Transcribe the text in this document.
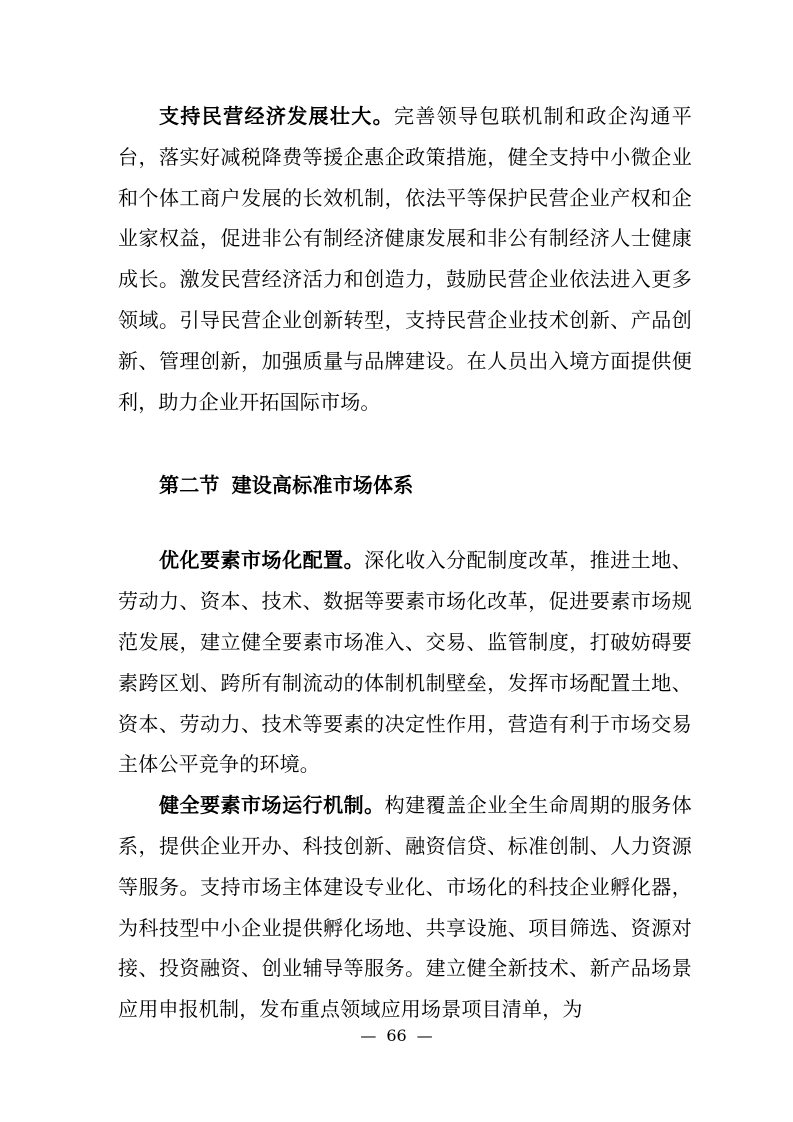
支持民营经济发展壮大。完善领导包联机制和政企沟通平台，落实好减税降费等援企惠企政策措施，健全支持中小微企业和个体工商户发展的长效机制，依法平等保护民营企业产权和企业家权益，促进非公有制经济健康发展和非公有制经济人士健康成长。激发民营经济活力和创造力，鼓励民营企业依法进入更多领域。引导民营企业创新转型，支持民营企业技术创新、产品创新、管理创新，加强质量与品牌建设。在人员出入境方面提供便利，助力企业开拓国际市场。

第二节 建设高标准市场体系

优化要素市场化配置。深化收入分配制度改革，推进土地、劳动力、资本、技术、数据等要素市场化改革，促进要素市场规范发展，建立健全要素市场准入、交易、监管制度，打破妨碍要素跨区划、跨所有制流动的体制机制壁垒，发挥市场配置土地、资本、劳动力、技术等要素的决定性作用，营造有利于市场交易主体公平竞争的环境。

健全要素市场运行机制。构建覆盖企业全生命周期的服务体系，提供企业开办、科技创新、融资信贷、标准创制、人力资源等服务。支持市场主体建设专业化、市场化的科技企业孵化器，为科技型中小企业提供孵化场地、共享设施、项目筛选、资源对接、投资融资、创业辅导等服务。建立健全新技术、新产品场景应用申报机制，发布重点领域应用场景项目清单，为

— 66 —
